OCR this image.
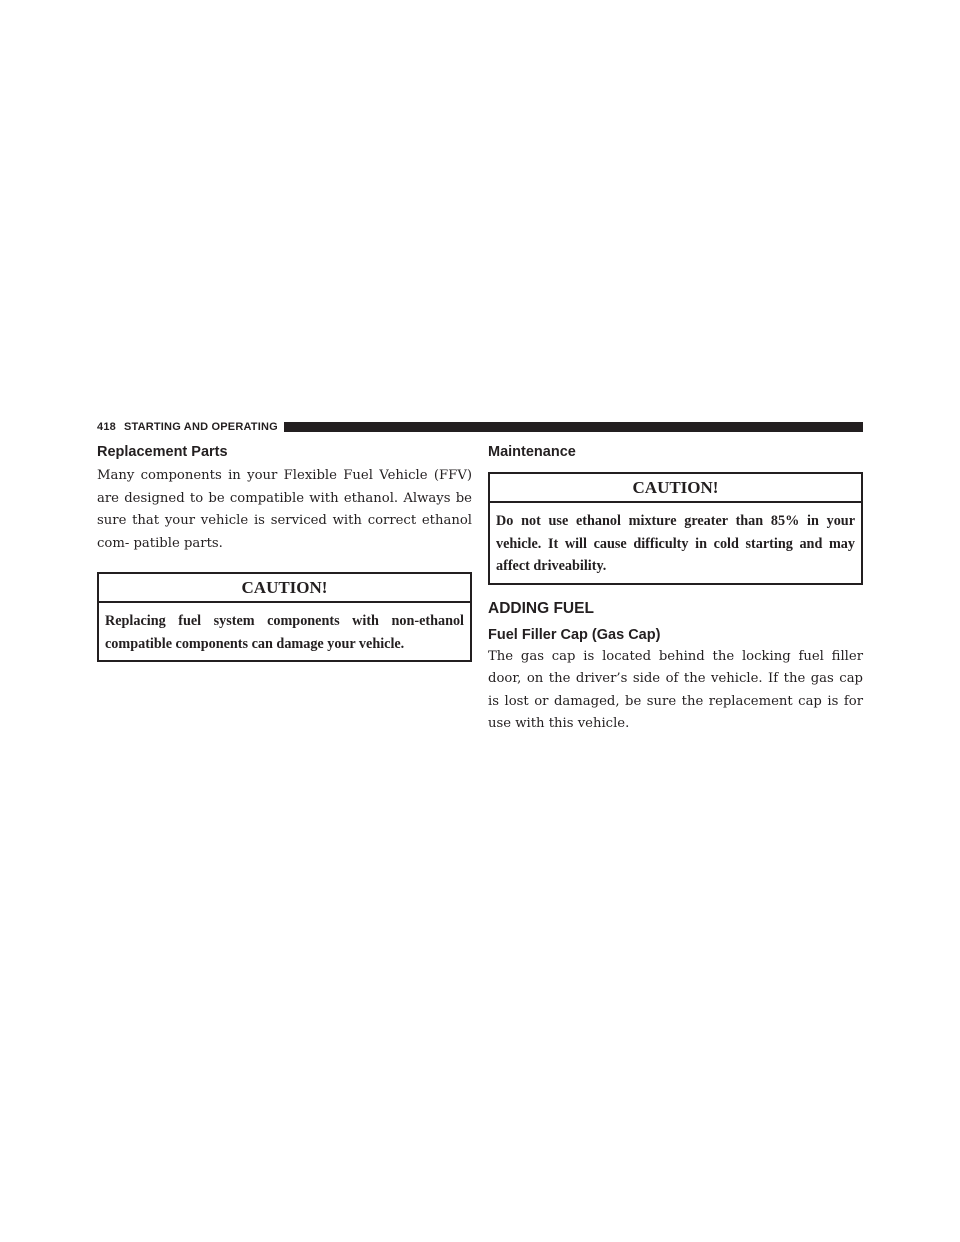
418 STARTING AND OPERATING
Replacement Parts

Many components in your Flexible Fuel Vehicle (FFV) are designed to be compatible with ethanol. Always be sure that your vehicle is serviced with correct ethanol com- patible parts.

CAUTION!
Replacing fuel system components with non-ethanol compatible components can damage your vehicle.
Maintenance
CAUTION!
Do not use ethanol mixture greater than 85% in your vehicle. It will cause difficulty in cold starting and may affect driveability.
ADDING FUEL
Fuel Filler Cap (Gas Cap)

The gas cap is located behind the locking fuel filler door, on the driver’s side of the vehicle. If the gas cap is lost or damaged, be sure the replacement cap is for use with this vehicle.
